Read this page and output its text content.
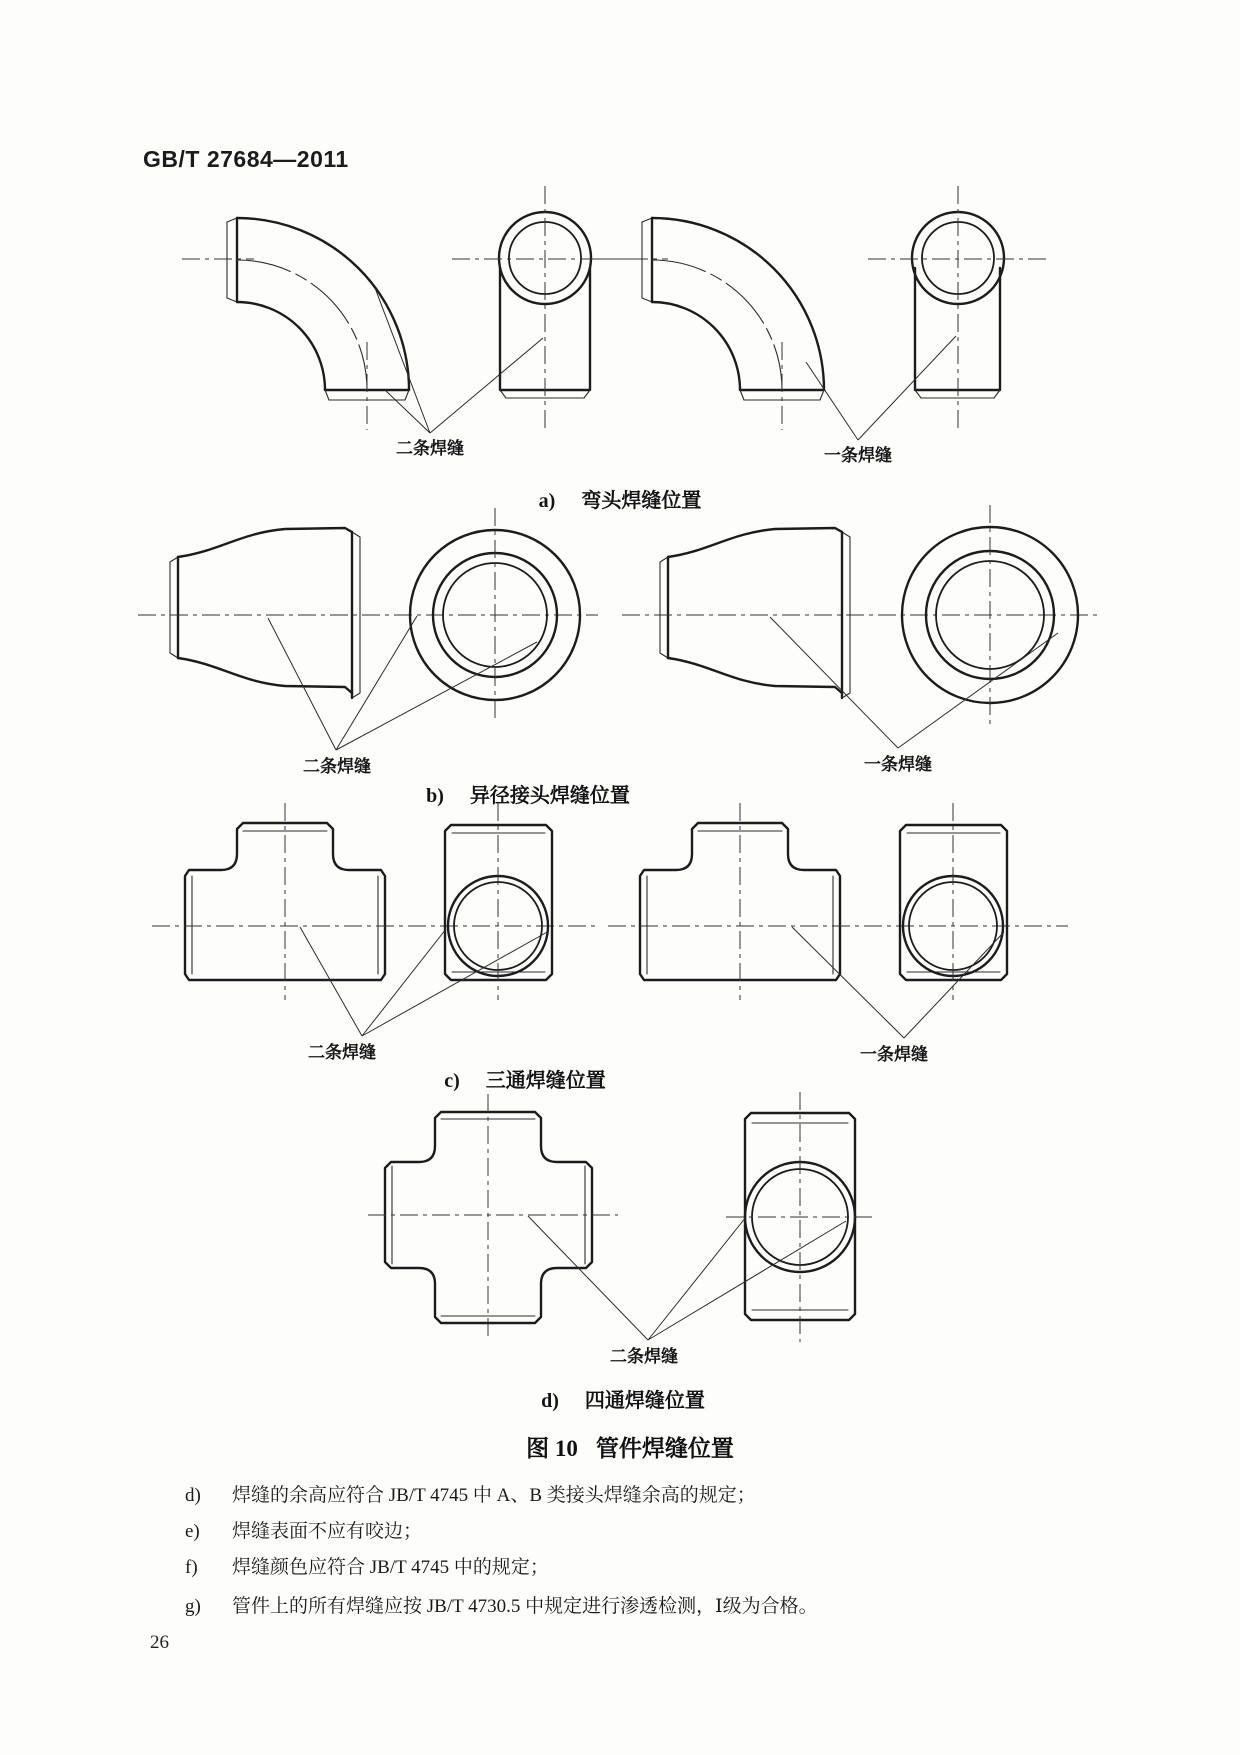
GB/T 27684—2011
二条焊缝	一条焊缝
二条焊缝	一条焊缝
二条焊缝	一条焊缝
二条焊缝
a) 弯头焊缝位置
b) 异径接头焊缝位置
c) 三通焊缝位置
d) 四通焊缝位置
图 10 管件焊缝位置
d) 焊缝的余高应符合 JB/T 4745 中 A、B 类接头焊缝余高的规定；
e) 焊缝表面不应有咬边；
f) 焊缝颜色应符合 JB/T 4745 中的规定；
g) 管件上的所有焊缝应按 JB/T 4730.5 中规定进行渗透检测，Ⅰ级为合格。
26
